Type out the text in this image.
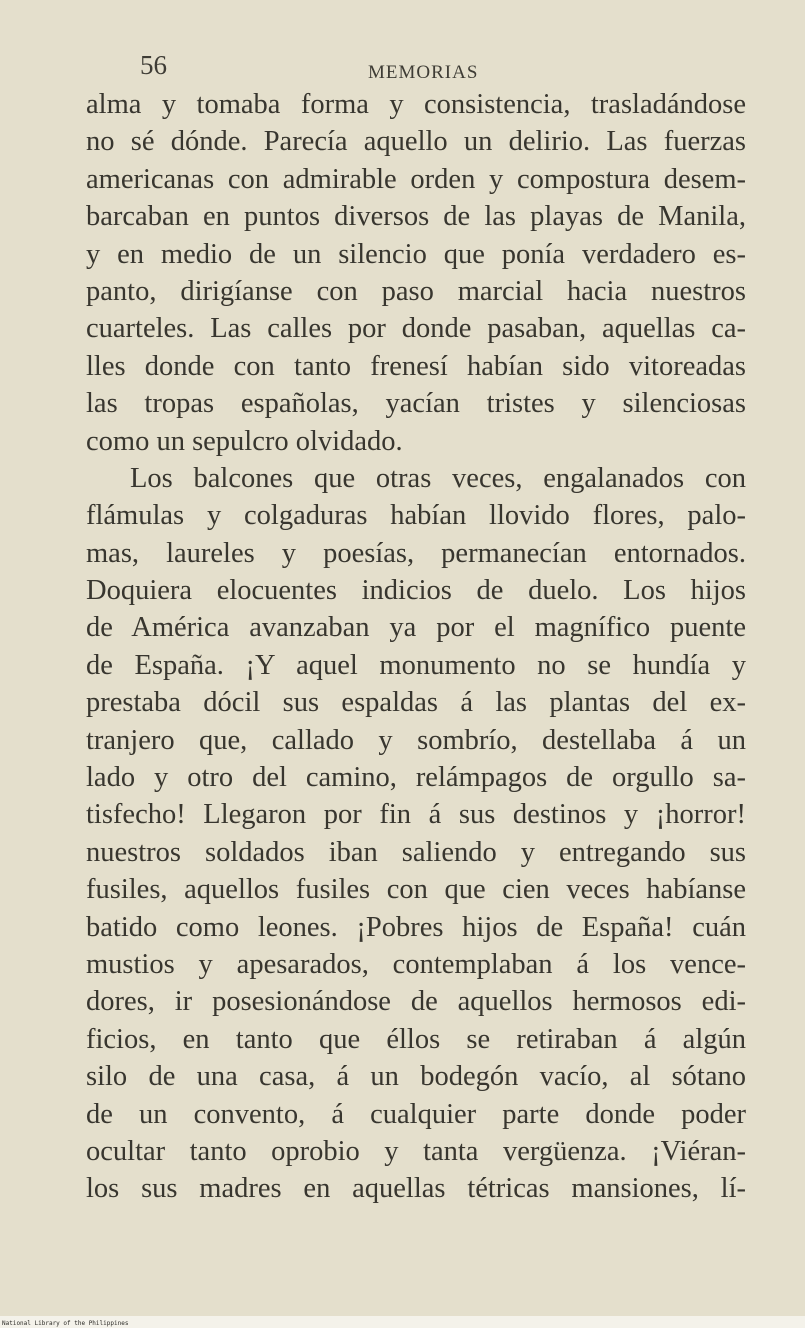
56	MEMORIAS
alma y tomaba forma y consistencia, trasladándose
no sé dónde. Parecía aquello un delirio. Las fuerzas
americanas con admirable orden y compostura desem-
barcaban en puntos diversos de las playas de Manila,
y en medio de un silencio que ponía verdadero es-
panto, dirigíanse con paso marcial hacia nuestros
cuarteles. Las calles por donde pasaban, aquellas ca-
lles donde con tanto frenesí habían sido vitoreadas
las tropas españolas, yacían tristes y silenciosas
como un sepulcro olvidado.
Los balcones que otras veces, engalanados con
flámulas y colgaduras habían llovido flores, palo-
mas, laureles y poesías, permanecían entornados.
Doquiera elocuentes indicios de duelo. Los hijos
de América avanzaban ya por el magnífico puente
de España. ¡Y aquel monumento no se hundía y
prestaba dócil sus espaldas á las plantas del ex-
tranjero que, callado y sombrío, destellaba á un
lado y otro del camino, relámpagos de orgullo sa-
tisfecho! Llegaron por fin á sus destinos y ¡horror!
nuestros soldados iban saliendo y entregando sus
fusiles, aquellos fusiles con que cien veces habíanse
batido como leones. ¡Pobres hijos de España! cuán
mustios y apesarados, contemplaban á los vence-
dores, ir posesionándose de aquellos hermosos edi-
ficios, en tanto que éllos se retiraban á algún
silo de una casa, á un bodegón vacío, al sótano
de un convento, á cualquier parte donde poder
ocultar tanto oprobio y tanta vergüenza. ¡Viéran-
los sus madres en aquellas tétricas mansiones, lí-
National Library of the Philippines
